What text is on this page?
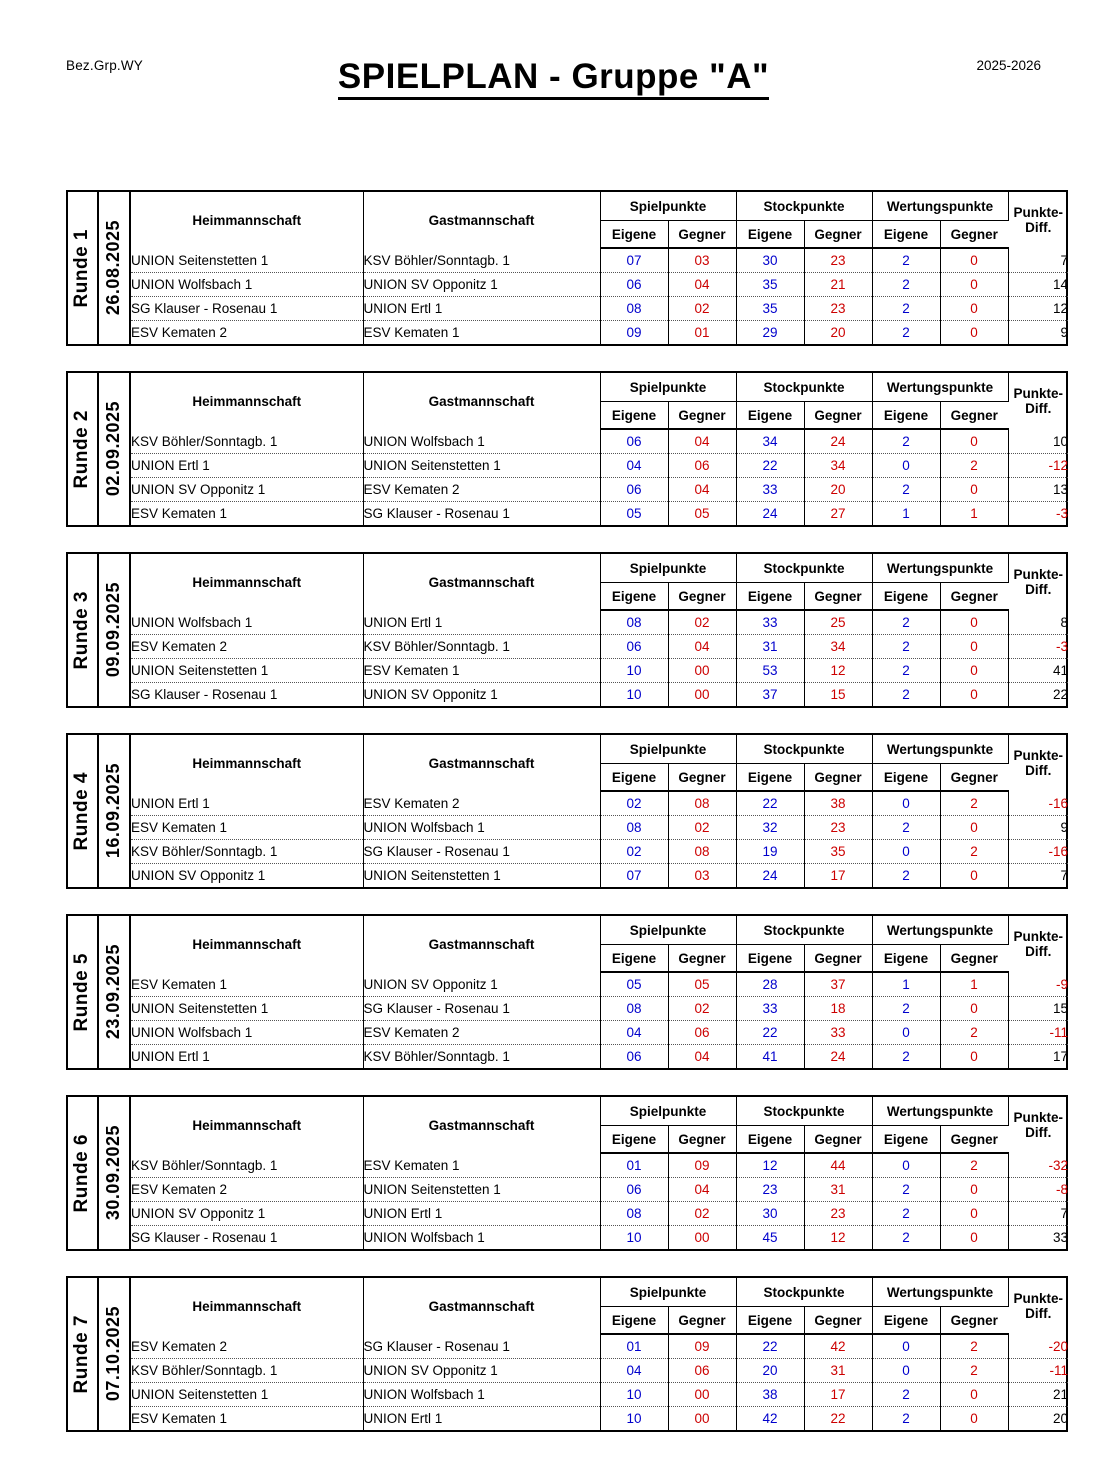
Bez.Grp.WY	SPIELPLAN - Gruppe "A"	2025-2026
Runde 1 26.08.2025
Heimmannschaft	Gastmannschaft	Spielpunkte		Stockpunkte		Wertungspunkte		Punkte-
Diff.
		Eigene	Gegner	Eigene	Gegner	Eigene	Gegner	
UNION Seitenstetten 1	KSV Böhler/Sonntagb. 1	07	03	30	23	2	0	7
UNION Wolfsbach 1	UNION SV Opponitz 1	06	04	35	21	2	0	14
SG Klauser - Rosenau 1	UNION Ertl 1	08	02	35	23	2	0	12
ESV Kematen 2	ESV Kematen 1	09	01	29	20	2	0	9
Runde 2 02.09.2025
Heimmannschaft	Gastmannschaft	Spielpunkte		Stockpunkte		Wertungspunkte		Punkte-
Diff.
		Eigene	Gegner	Eigene	Gegner	Eigene	Gegner	
KSV Böhler/Sonntagb. 1	UNION Wolfsbach 1	06	04	34	24	2	0	10
UNION Ertl 1	UNION Seitenstetten 1	04	06	22	34	0	2	-12
UNION SV Opponitz 1	ESV Kematen 2	06	04	33	20	2	0	13
ESV Kematen 1	SG Klauser - Rosenau 1	05	05	24	27	1	1	-3
Runde 3 09.09.2025
Heimmannschaft	Gastmannschaft	Spielpunkte		Stockpunkte		Wertungspunkte		Punkte-
Diff.
		Eigene	Gegner	Eigene	Gegner	Eigene	Gegner	
UNION Wolfsbach 1	UNION Ertl 1	08	02	33	25	2	0	8
ESV Kematen 2	KSV Böhler/Sonntagb. 1	06	04	31	34	2	0	-3
UNION Seitenstetten 1	ESV Kematen 1	10	00	53	12	2	0	41
SG Klauser - Rosenau 1	UNION SV Opponitz 1	10	00	37	15	2	0	22
Runde 4 16.09.2025
Heimmannschaft	Gastmannschaft	Spielpunkte		Stockpunkte		Wertungspunkte		Punkte-
Diff.
		Eigene	Gegner	Eigene	Gegner	Eigene	Gegner	
UNION Ertl 1	ESV Kematen 2	02	08	22	38	0	2	-16
ESV Kematen 1	UNION Wolfsbach 1	08	02	32	23	2	0	9
KSV Böhler/Sonntagb. 1	SG Klauser - Rosenau 1	02	08	19	35	0	2	-16
UNION SV Opponitz 1	UNION Seitenstetten 1	07	03	24	17	2	0	7
Runde 5 23.09.2025
Heimmannschaft	Gastmannschaft	Spielpunkte		Stockpunkte		Wertungspunkte		Punkte-
Diff.
		Eigene	Gegner	Eigene	Gegner	Eigene	Gegner	
ESV Kematen 1	UNION SV Opponitz 1	05	05	28	37	1	1	-9
UNION Seitenstetten 1	SG Klauser - Rosenau 1	08	02	33	18	2	0	15
UNION Wolfsbach 1	ESV Kematen 2	04	06	22	33	0	2	-11
UNION Ertl 1	KSV Böhler/Sonntagb. 1	06	04	41	24	2	0	17
Runde 6 30.09.2025
Heimmannschaft	Gastmannschaft	Spielpunkte		Stockpunkte		Wertungspunkte		Punkte-
Diff.
		Eigene	Gegner	Eigene	Gegner	Eigene	Gegner	
KSV Böhler/Sonntagb. 1	ESV Kematen 1	01	09	12	44	0	2	-32
ESV Kematen 2	UNION Seitenstetten 1	06	04	23	31	2	0	-8
UNION SV Opponitz 1	UNION Ertl 1	08	02	30	23	2	0	7
SG Klauser - Rosenau 1	UNION Wolfsbach 1	10	00	45	12	2	0	33
Runde 7 07.10.2025
Heimmannschaft	Gastmannschaft	Spielpunkte		Stockpunkte		Wertungspunkte		Punkte-
Diff.
		Eigene	Gegner	Eigene	Gegner	Eigene	Gegner	
ESV Kematen 2	SG Klauser - Rosenau 1	01	09	22	42	0	2	-20
KSV Böhler/Sonntagb. 1	UNION SV Opponitz 1	04	06	20	31	0	2	-11
UNION Seitenstetten 1	UNION Wolfsbach 1	10	00	38	17	2	0	21
ESV Kematen 1	UNION Ertl 1	10	00	42	22	2	0	20
